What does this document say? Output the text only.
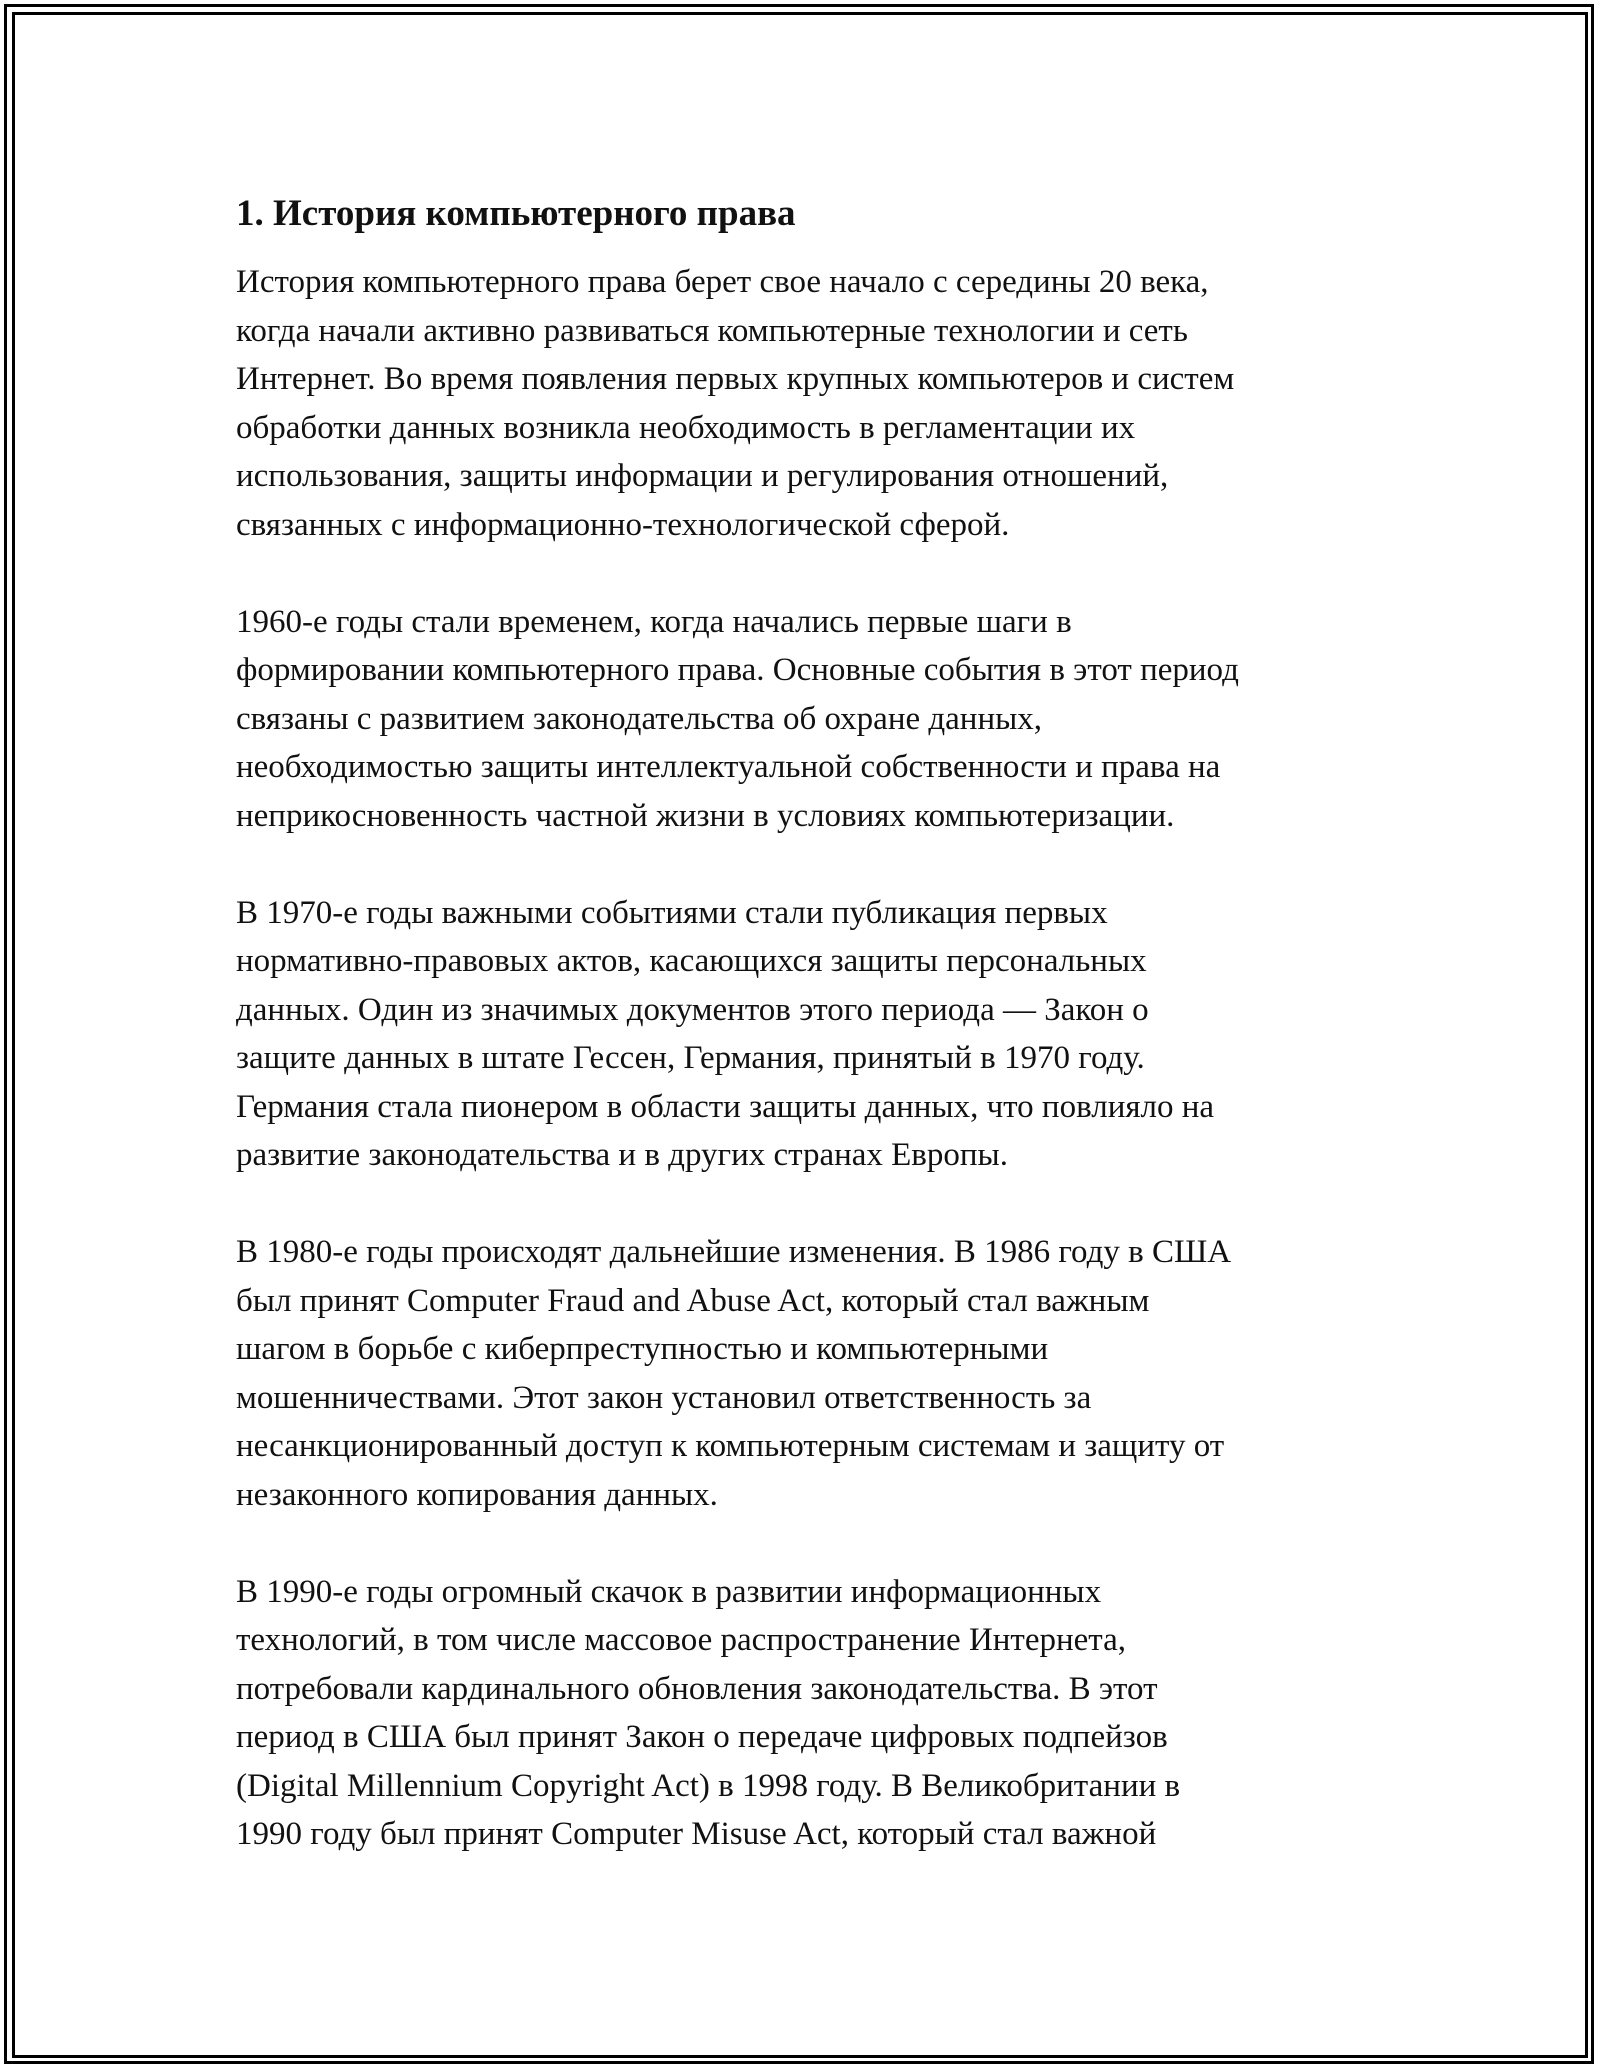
1. История компьютерного права
История компьютерного права берет свое начало с середины 20 века,
когда начали активно развиваться компьютерные технологии и сеть
Интернет. Во время появления первых крупных компьютеров и систем
обработки данных возникла необходимость в регламентации их
использования, защиты информации и регулирования отношений,
связанных с информационно-технологической сферой.
1960-е годы стали временем, когда начались первые шаги в
формировании компьютерного права. Основные события в этот период
связаны с развитием законодательства об охране данных,
необходимостью защиты интеллектуальной собственности и права на
неприкосновенность частной жизни в условиях компьютеризации.
В 1970-е годы важными событиями стали публикация первых
нормативно-правовых актов, касающихся защиты персональных
данных. Один из значимых документов этого периода — Закон о
защите данных в штате Гессен, Германия, принятый в 1970 году.
Германия стала пионером в области защиты данных, что повлияло на
развитие законодательства и в других странах Европы.
В 1980-е годы происходят дальнейшие изменения. В 1986 году в США
был принят Computer Fraud and Abuse Act, который стал важным
шагом в борьбе с киберпреступностью и компьютерными
мошенничествами. Этот закон установил ответственность за
несанкционированный доступ к компьютерным системам и защиту от
незаконного копирования данных.
В 1990-е годы огромный скачок в развитии информационных
технологий, в том числе массовое распространение Интернета,
потребовали кардинального обновления законодательства. В этот
период в США был принят Закон о передаче цифровых подпейзов
(Digital Millennium Copyright Act) в 1998 году. В Великобритании в
1990 году был принят Computer Misuse Act, который стал важной
